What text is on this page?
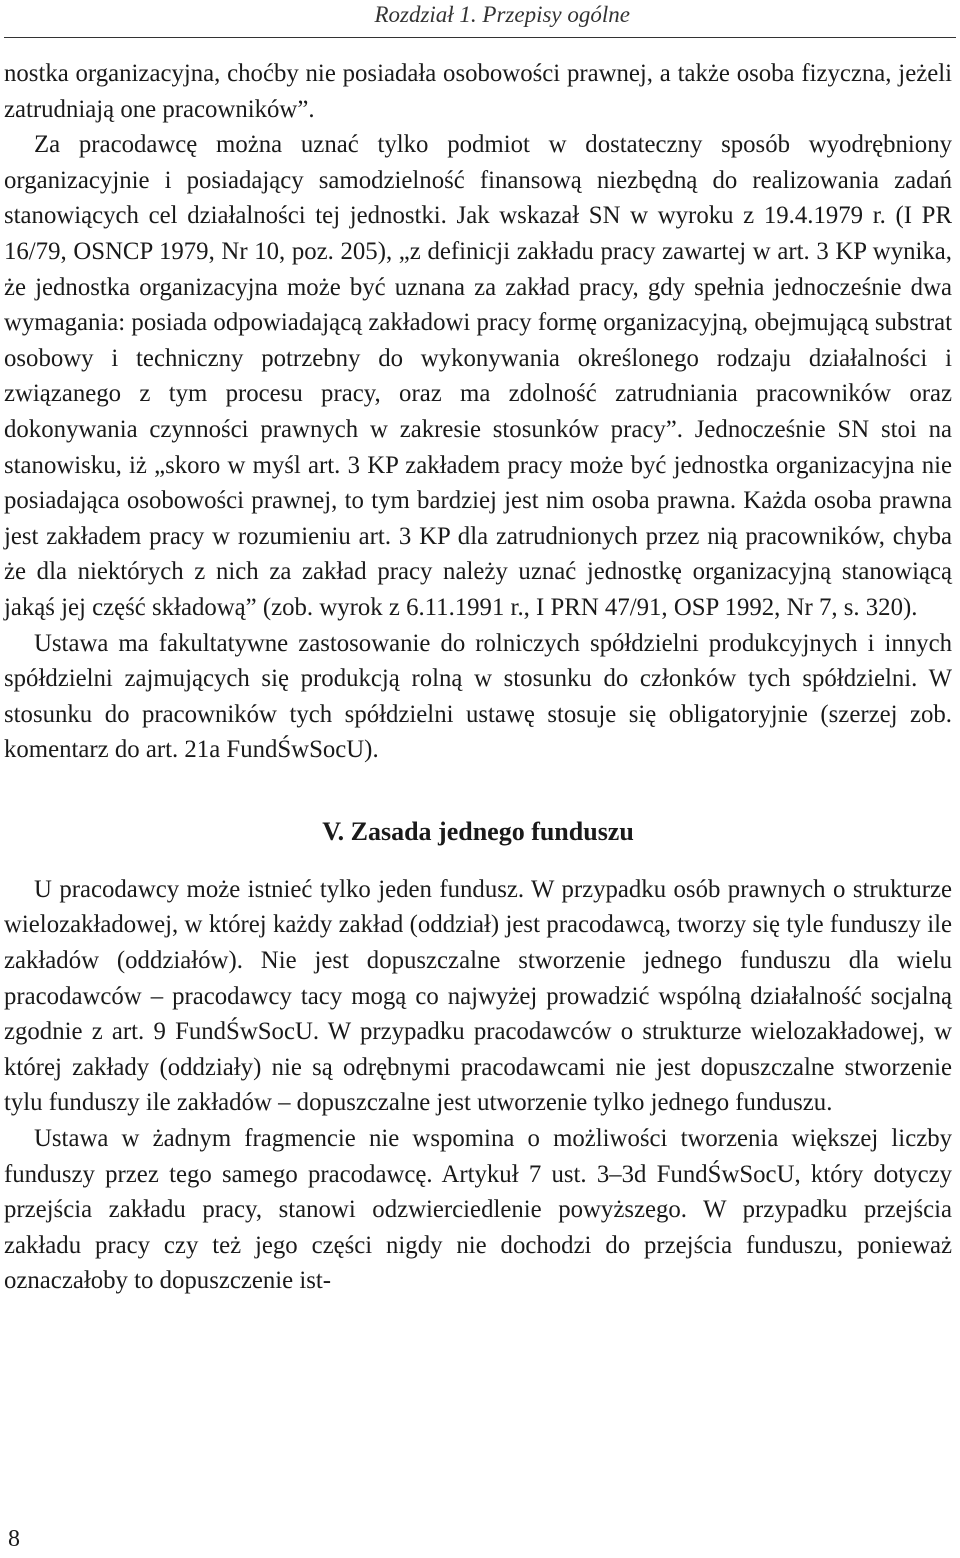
Rozdział 1. Przepisy ogólne

nostka organizacyjna, choćby nie posiadała osobowości prawnej, a także osoba fizyczna, jeżeli zatrudniają one pracowników”.

Za pracodawcę można uznać tylko podmiot w dostateczny sposób wyodrębniony organizacyjnie i posiadający samodzielność finansową niezbędną do realizowania zadań stanowiących cel działalności tej jednostki. Jak wskazał SN w wyroku z 19.4.1979 r. (I PR 16/79, OSNCP 1979, Nr 10, poz. 205), „z definicji zakładu pracy zawartej w art. 3 KP wynika, że jednostka organizacyjna może być uznana za zakład pracy, gdy spełnia jednocześnie dwa wymagania: posiada odpowiadającą zakładowi pracy formę organizacyjną, obejmującą substrat osobowy i techniczny potrzebny do wykonywania określonego rodzaju działalności i związanego z tym procesu pracy, oraz ma zdolność zatrudniania pracowników oraz dokonywania czynności prawnych w zakresie stosunków pracy”. Jednocześnie SN stoi na stanowisku, iż „skoro w myśl art. 3 KP zakładem pracy może być jednostka organizacyjna nie posiadająca osobowości prawnej, to tym bardziej jest nim osoba prawna. Każda osoba prawna jest zakładem pracy w rozumieniu art. 3 KP dla zatrudnionych przez nią pracowników, chyba że dla niektórych z nich za zakład pracy należy uznać jednostkę organizacyjną stanowiącą jakąś jej część składową” (zob. wyrok z 6.11.1991 r., I PRN 47/91, OSP 1992, Nr 7, s. 320).

Ustawa ma fakultatywne zastosowanie do rolniczych spółdzielni produkcyjnych i innych spółdzielni zajmujących się produkcją rolną w stosunku do członków tych spółdzielni. W stosunku do pracowników tych spółdzielni ustawę stosuje się obligatoryjnie (szerzej zob. komentarz do art. 21a FundŚwSocU).

V. Zasada jednego funduszu

U pracodawcy może istnieć tylko jeden fundusz. W przypadku osób prawnych o strukturze wielozakładowej, w której każdy zakład (oddział) jest pracodawcą, tworzy się tyle funduszy ile zakładów (oddziałów). Nie jest dopuszczalne stworzenie jednego funduszu dla wielu pracodawców – pracodawcy tacy mogą co najwyżej prowadzić wspólną działalność socjalną zgodnie z art. 9 FundŚwSocU. W przypadku pracodawców o strukturze wielozakładowej, w której zakłady (oddziały) nie są odrębnymi pracodawcami nie jest dopuszczalne stworzenie tylu funduszy ile zakładów – dopuszczalne jest utworzenie tylko jednego funduszu.

Ustawa w żadnym fragmencie nie wspomina o możliwości tworzenia większej liczby funduszy przez tego samego pracodawcę. Artykuł 7 ust. 3–3d FundŚwSocU, który dotyczy przejścia zakładu pracy, stanowi odzwierciedlenie powyższego. W przypadku przejścia zakładu pracy czy też jego części nigdy nie dochodzi do przejścia funduszu, ponieważ oznaczałoby to dopuszczenie ist-

8
